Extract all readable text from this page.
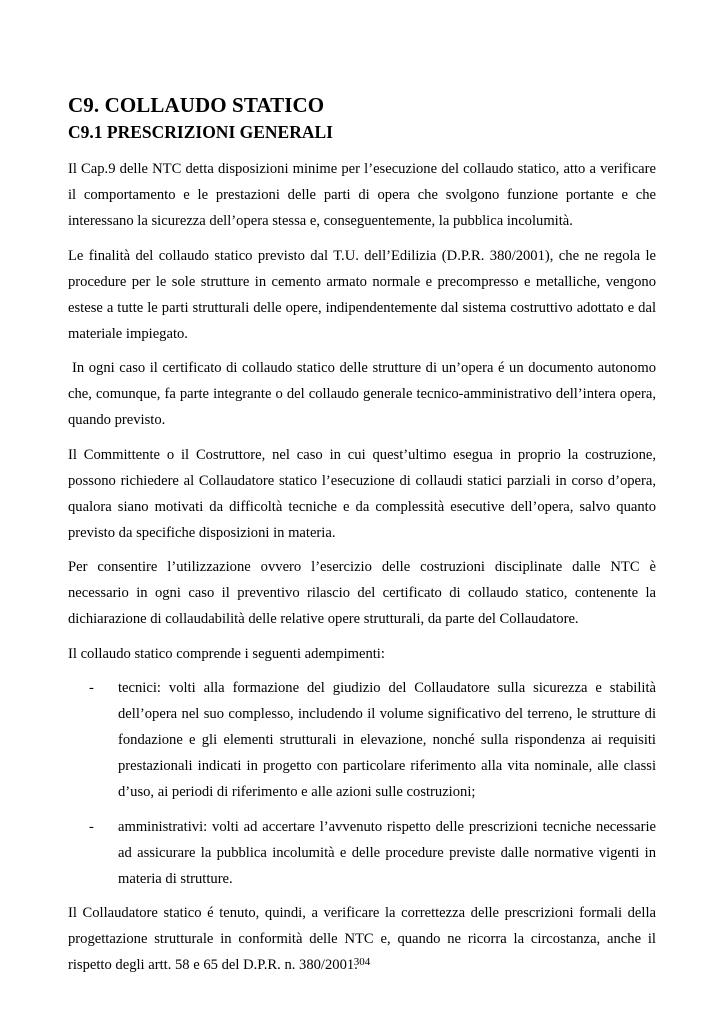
C9. COLLAUDO STATICO
C9.1 PRESCRIZIONI GENERALI

Il Cap.9 delle NTC detta disposizioni minime per l’esecuzione del collaudo statico, atto a verificare il comportamento e le prestazioni delle parti di opera che svolgono funzione portante e che interessano la sicurezza dell’opera stessa e, conseguentemente, la pubblica incolumità.

Le finalità del collaudo statico previsto dal T.U. dell’Edilizia (D.P.R. 380/2001), che ne regola le procedure per le sole strutture in cemento armato normale e precompresso e metalliche, vengono estese a tutte le parti strutturali delle opere, indipendentemente dal sistema costruttivo adottato e dal materiale impiegato.

In ogni caso il certificato di collaudo statico delle strutture di un’opera é un documento autonomo che, comunque, fa parte integrante o del collaudo generale tecnico-amministrativo dell’intera opera, quando previsto.

Il Committente o il Costruttore, nel caso in cui quest’ultimo esegua in proprio la costruzione, possono richiedere al Collaudatore statico l’esecuzione di collaudi statici parziali in corso d’opera, qualora siano motivati da difficoltà tecniche e da complessità esecutive dell’opera, salvo quanto previsto da specifiche disposizioni in materia.

Per consentire l’utilizzazione ovvero l’esercizio delle costruzioni disciplinate dalle NTC è necessario in ogni caso il preventivo rilascio del certificato di collaudo statico, contenente la dichiarazione di collaudabilità delle relative opere strutturali, da parte del Collaudatore.

Il collaudo statico comprende i seguenti adempimenti:

- tecnici: volti alla formazione del giudizio del Collaudatore sulla sicurezza e stabilità dell’opera nel suo complesso, includendo il volume significativo del terreno, le strutture di fondazione e gli elementi strutturali in elevazione, nonché sulla rispondenza ai requisiti prestazionali indicati in progetto con particolare riferimento alla vita nominale, alle classi d’uso, ai periodi di riferimento e alle azioni sulle costruzioni;
- amministrativi: volti ad accertare l’avvenuto rispetto delle prescrizioni tecniche necessarie ad assicurare la pubblica incolumità e delle procedure previste dalle normative vigenti in materia di strutture.

Il Collaudatore statico é tenuto, quindi, a verificare la correttezza delle prescrizioni formali della progettazione strutturale in conformità delle NTC e, quando ne ricorra la circostanza, anche il rispetto degli artt. 58 e 65 del D.P.R. n. 380/2001.

304
